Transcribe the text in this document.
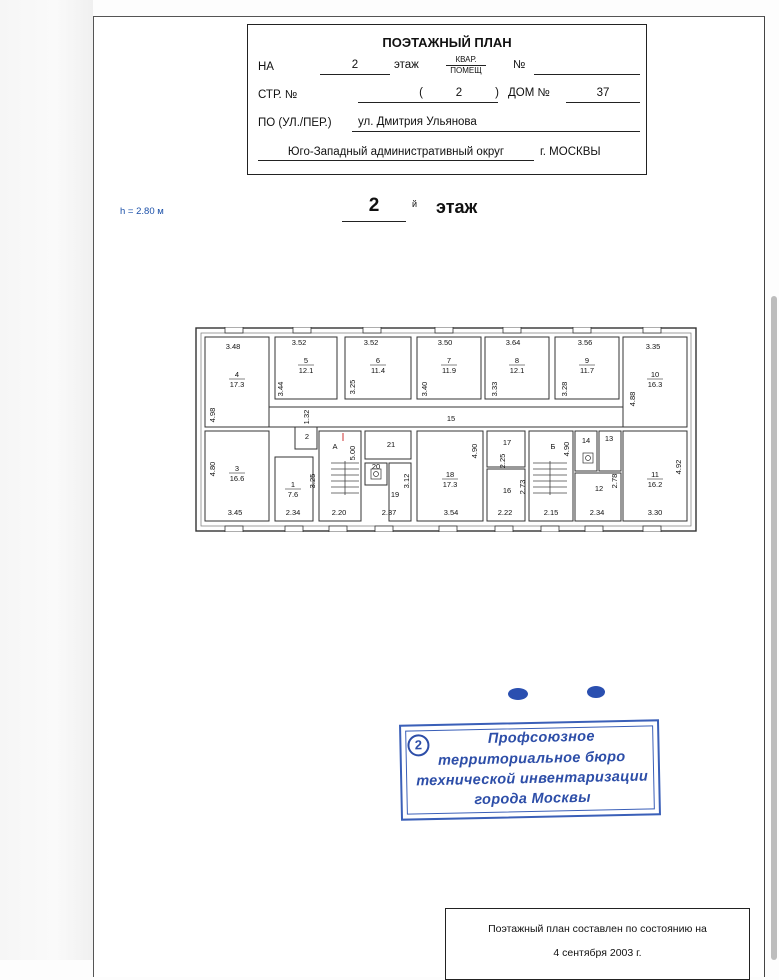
ПОЭТАЖНЫЙ ПЛАН
НА	2	этаж	КВАР.
ПОМЕЩ	№
СТР. №	(	2	) ДОМ №	37
ПО (УЛ./ПЕР.) ул. Дмитрия Ульянова
Юго-Западный административный округ	г. МОСКВЫ
h = 2.80 м	2	й этаж
4
17.3
5
12.1
6
11.4
7
11.9
8
12.1
9
11.7	10
16.3
3
16.6
1
7.6
18
17.3
11
16.2
3.48	3.52	3.52	3.50	3.64	3.56	3.35
3.45	2.34	2.20	2.37	3.54	2.22	2.15	2.34	3.30
4.98
4.80
3.44	3.25	3.40	3.33	3.28
4.88
4.92
1.32
5.00
3.25	3.12
4.90
2.73
4.90
2.78
2.25
15
2
А	21
20
19
17
16
Б
14 13
12
2	Профсоюзное
территориальное бюро
технической инвентаризации
города Москвы
Поэтажный план составлен по состоянию на
4 сентября 2003 г.
